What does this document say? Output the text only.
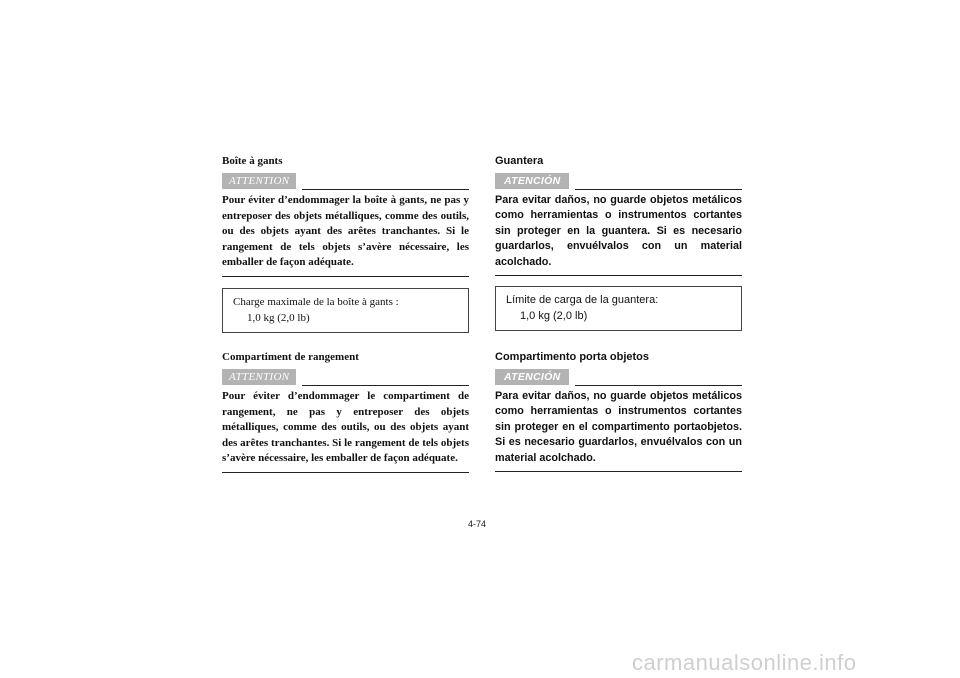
Boîte à gants

ATTENTION

Pour éviter d’endommager la boîte à gants, ne pas y entreposer des objets métalliques, comme des outils, ou des objets ayant des arêtes tranchantes. Si le rangement de tels objets s’avère nécessaire, les emballer de façon adéquate.

Charge maximale de la boîte à gants :
1,0 kg (2,0 lb)

Compartiment de rangement

ATTENTION

Pour éviter d’endommager le compartiment de rangement, ne pas y entreposer des objets métalliques, comme des outils, ou des objets ayant des arêtes tranchantes. Si le rangement de tels objets s’avère nécessaire, les emballer de façon adéquate.

Guantera

ATENCIÓN

Para evitar daños, no guarde objetos metálicos como herramientas o instrumentos cortantes sin proteger en la guantera. Si es necesario guardarlos, envuélvalos con un material acolchado.

Límite de carga de la guantera:
1,0 kg (2,0 lb)

Compartimento porta objetos

ATENCIÓN

Para evitar daños, no guarde objetos metálicos como herramientas o instrumentos cortantes sin proteger en el compartimento portaobjetos. Si es necesario guardarlos, envuélvalos con un material acolchado.

4-74
carmanualsonline.info
